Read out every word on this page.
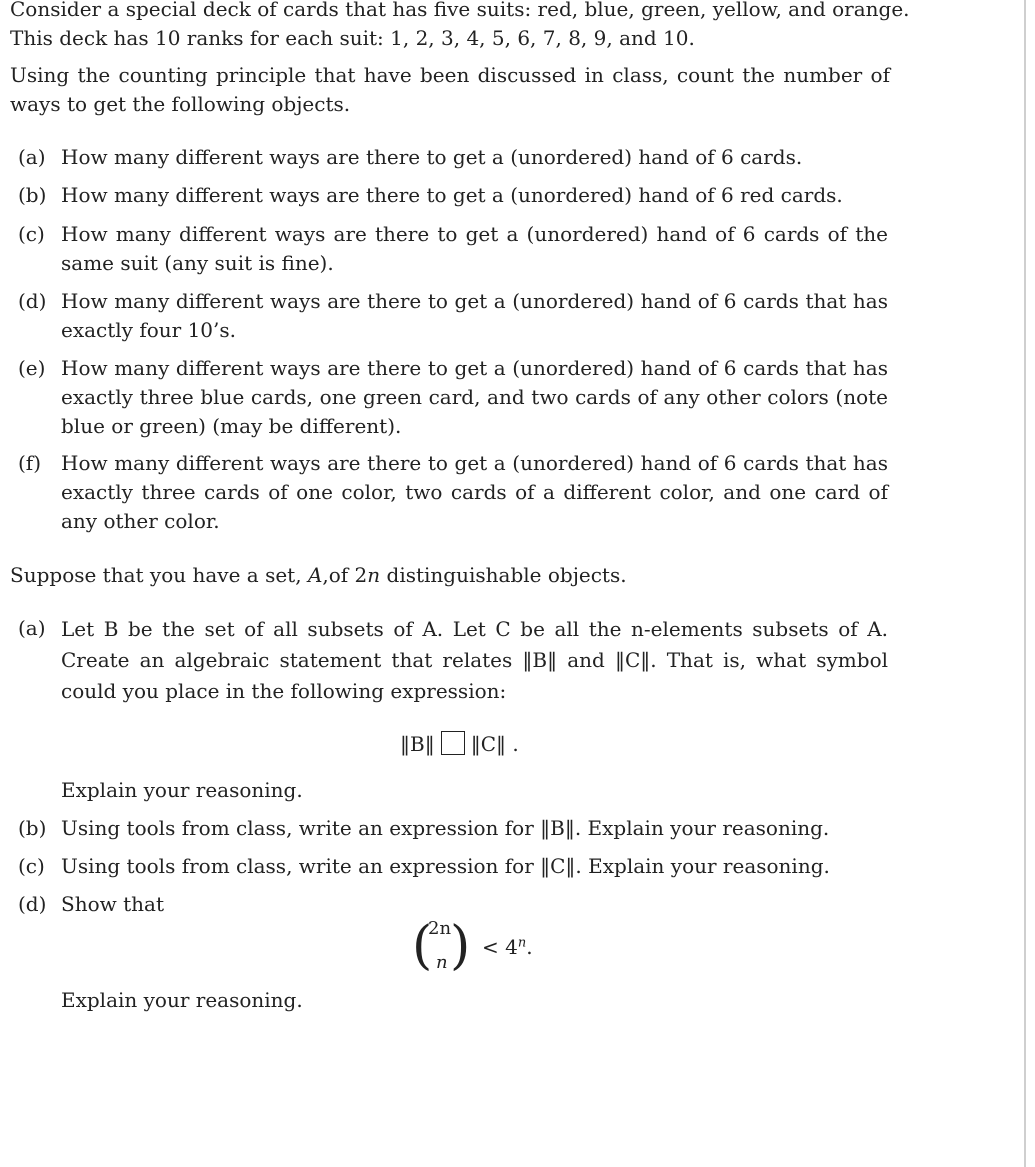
Consider a special deck of cards that has five suits: red, blue, green, yellow, and orange.
This deck has 10 ranks for each suit: 1, 2, 3, 4, 5, 6, 7, 8, 9, and 10.
Using the counting principle that have been discussed in class, count the number of ways to get the following objects.
(a) How many different ways are there to get a (unordered) hand of 6 cards.
(b) How many different ways are there to get a (unordered) hand of 6 red cards.
(c) How many different ways are there to get a (unordered) hand of 6 cards of the same suit (any suit is fine).
(d) How many different ways are there to get a (unordered) hand of 6 cards that has exactly four 10’s.
(e) How many different ways are there to get a (unordered) hand of 6 cards that has exactly three blue cards, one green card, and two cards of any other colors (note blue or green) (may be different).
(f) How many different ways are there to get a (unordered) hand of 6 cards that has exactly three cards of one color, two cards of a different color, and one card of any other color.
Suppose that you have a set, A,of 2n distinguishable objects.
(a) Let B be the set of all subsets of A. Let C be all the n-elements subsets of A. Create an algebraic statement that relates ‖B‖ and ‖C‖. That is, what symbol could you place in the following expression:
‖B‖ ‖C‖ .
Explain your reasoning.
(b) Using tools from class, write an expression for ‖B‖. Explain your reasoning.
(c) Using tools from class, write an expression for ‖C‖. Explain your reasoning.
(d) Show that
(
2n
n ) < $4^n$.
Explain your reasoning.
